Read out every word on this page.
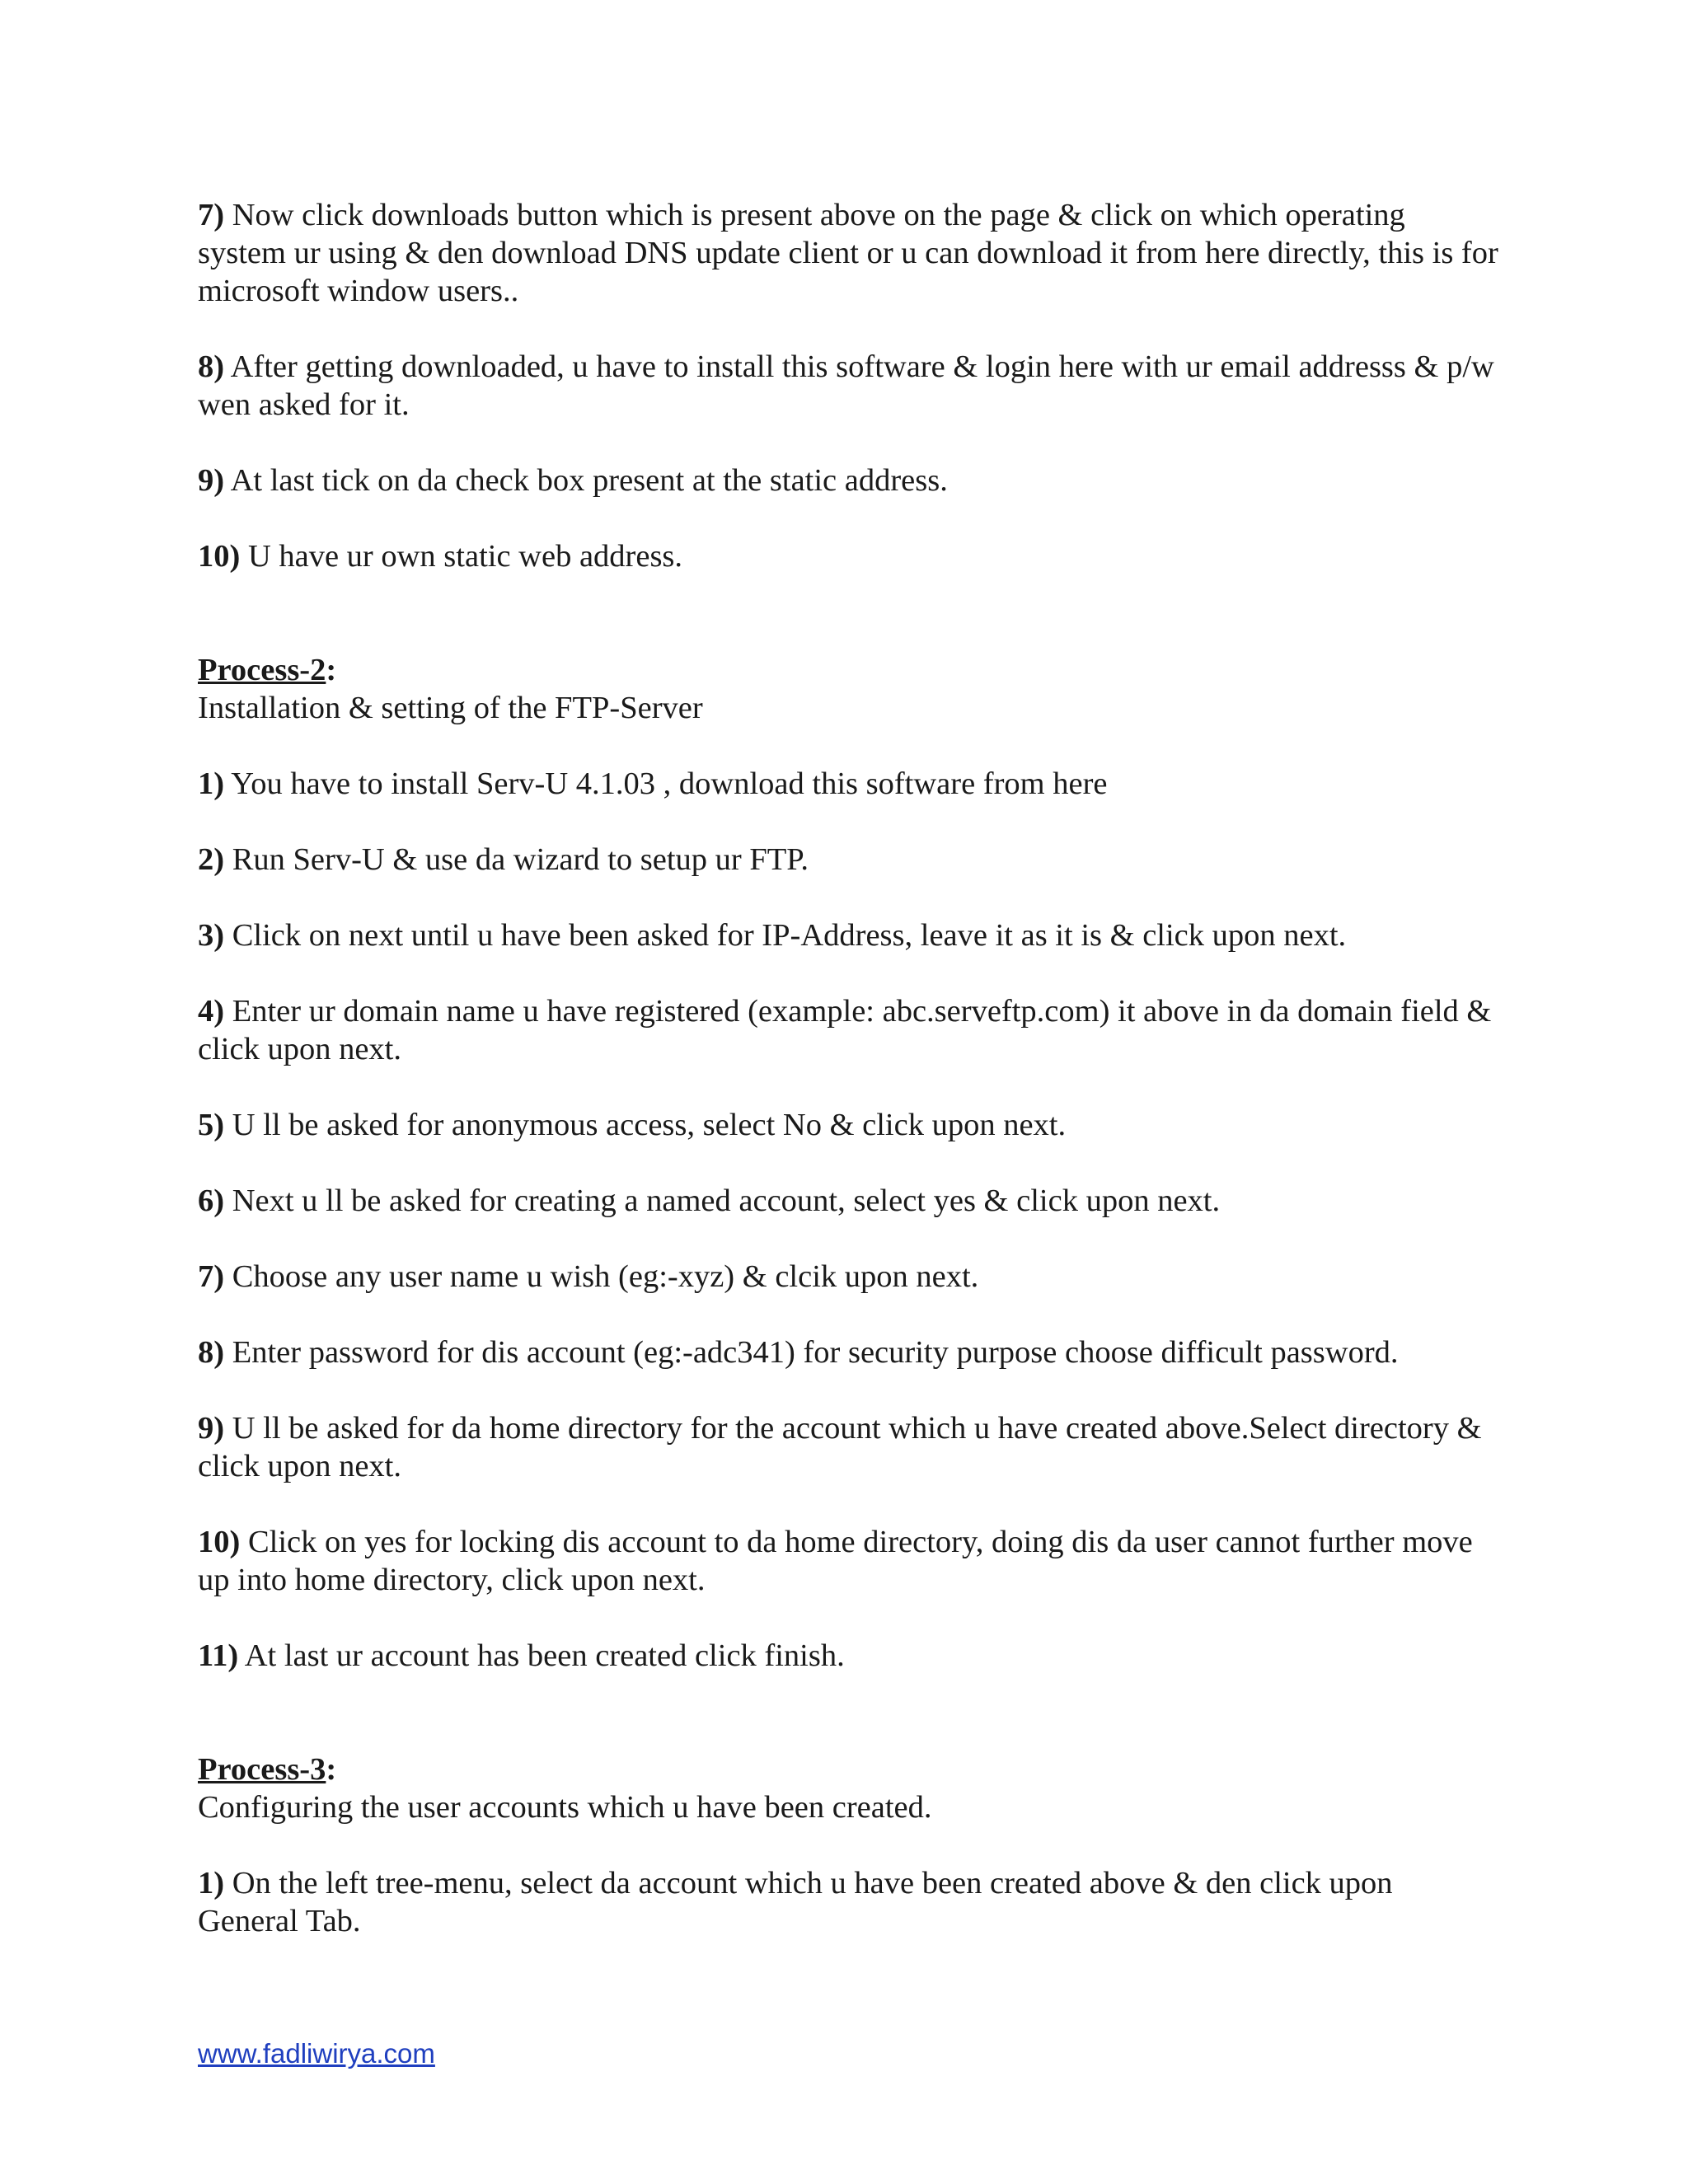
7) Now click downloads button which is present above on the page & click on which operating system ur using & den download DNS update client or u can download it from here directly, this is for microsoft window users..

8) After getting downloaded, u have to install this software & login here with ur email addresss & p/w wen asked for it.

9) At last tick on da check box present at the static address.

10) U have ur own static web address.

Process-2:

Installation & setting of the FTP-Server

1) You have to install Serv-U 4.1.03 , download this software from here

2) Run Serv-U & use da wizard to setup ur FTP.

3) Click on next until u have been asked for IP-Address, leave it as it is & click upon next.

4) Enter ur domain name u have registered (example: abc.serveftp.com) it above in da domain field & click upon next.

5) U ll be asked for anonymous access, select No & click upon next.

6) Next u ll be asked for creating a named account, select yes & click upon next.

7) Choose any user name u wish (eg:-xyz) & clcik upon next.

8) Enter password for dis account (eg:-adc341) for security purpose choose difficult password.

9) U ll be asked for da home directory for the account which u have created above.Select directory & click upon next.

10) Click on yes for locking dis account to da home directory, doing dis da user cannot further move up into home directory, click upon next.

11) At last ur account has been created click finish.

Process-3:

Configuring the user accounts which u have been created.

1) On the left tree-menu, select da account which u have been created above & den click upon General Tab.

www.fadliwirya.com
